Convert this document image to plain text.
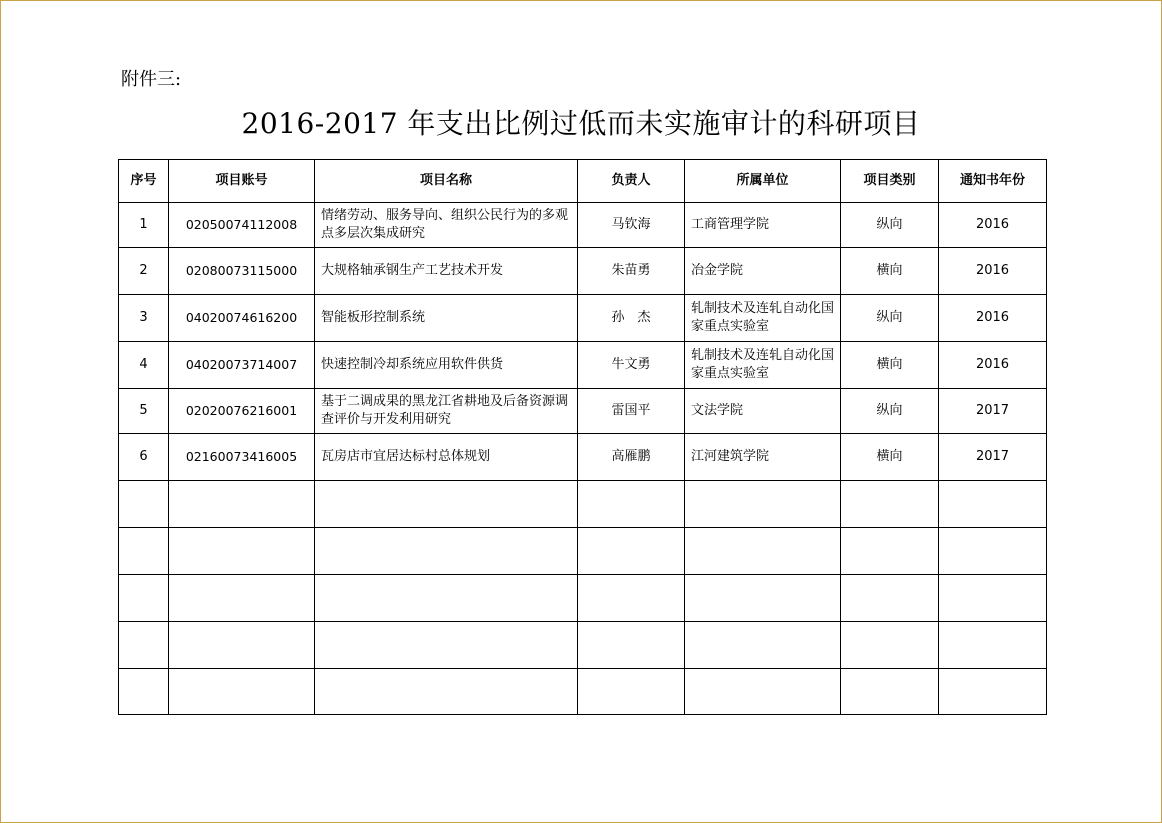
附件三:
2016-2017 年支出比例过低而未实施审计的科研项目
序号	项目账号	项目名称	负责人	所属单位	项目类别	通知书年份
1	02050074112008	情绪劳动、服务导向、组织公民行为的多观点多层次集成研究	马钦海	工商管理学院	纵向	2016
2	02080073115000	大规格轴承钢生产工艺技术开发	朱苗勇	冶金学院	横向	2016
3	04020074616200	智能板形控制系统	孙　杰	轧制技术及连轧自动化国家重点实验室	纵向	2016
4	04020073714007	快速控制冷却系统应用软件供货	牛文勇	轧制技术及连轧自动化国家重点实验室	横向	2016
5	02020076216001	基于二调成果的黑龙江省耕地及后备资源调查评价与开发利用研究	雷国平	文法学院	纵向	2017
6	02160073416005	瓦房店市宜居达标村总体规划	高雁鹏	江河建筑学院	横向	2017
